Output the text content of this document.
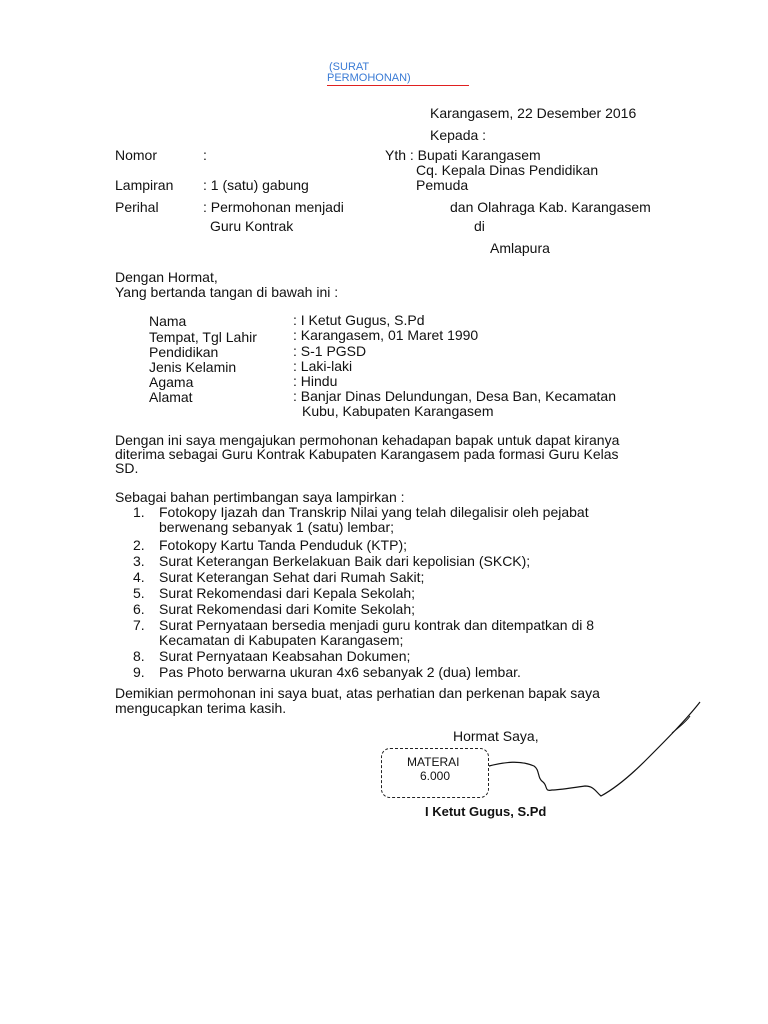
(SURAT
PERMOHONAN)
Karangasem, 22 Desember 2016
Kepada :
Nomor	:	Yth : Bupati Karangasem
Cq. Kepala Dinas Pendidikan
Lampiran : 1 (satu) gabung	Pemuda
Perihal	: Permohonan menjadi	dan Olahraga Kab. Karangasem
Guru Kontrak	di
Amlapura
Dengan Hormat,
Yang bertanda tangan di bawah ini :
Nama	: I Ketut Gugus, S.Pd
Tempat, Tgl Lahir	: Karangasem, 01 Maret 1990
Pendidikan	: S-1 PGSD
Jenis Kelamin	: Laki-laki
Agama	: Hindu
Alamat	: Banjar Dinas Delundungan, Desa Ban, Kecamatan
Kubu, Kabupaten Karangasem
Dengan ini saya mengajukan permohonan kehadapan bapak untuk dapat kiranya
diterima sebagai Guru Kontrak Kabupaten Karangasem pada formasi Guru Kelas
SD.
Sebagai bahan pertimbangan saya lampirkan :
1.	Fotokopy Ijazah dan Transkrip Nilai yang telah dilegalisir oleh pejabat berwenang sebanyak 1 (satu) lembar;
2.	Fotokopy Kartu Tanda Penduduk (KTP);
3.	Surat Keterangan Berkelakuan Baik dari kepolisian (SKCK);
4.	Surat Keterangan Sehat dari Rumah Sakit;
5.	Surat Rekomendasi dari Kepala Sekolah;
6.	Surat Rekomendasi dari Komite Sekolah;
7.	Surat Pernyataan bersedia menjadi guru kontrak dan ditempatkan di 8 Kecamatan di Kabupaten Karangasem;
8.	Surat Pernyataan Keabsahan Dokumen;
9.	Pas Photo berwarna ukuran 4x6 sebanyak 2 (dua) lembar.
Demikian permohonan ini saya buat, atas perhatian dan perkenan bapak saya
mengucapkan terima kasih.
Hormat Saya,
MATERAI
6.000
I Ketut Gugus, S.Pd
